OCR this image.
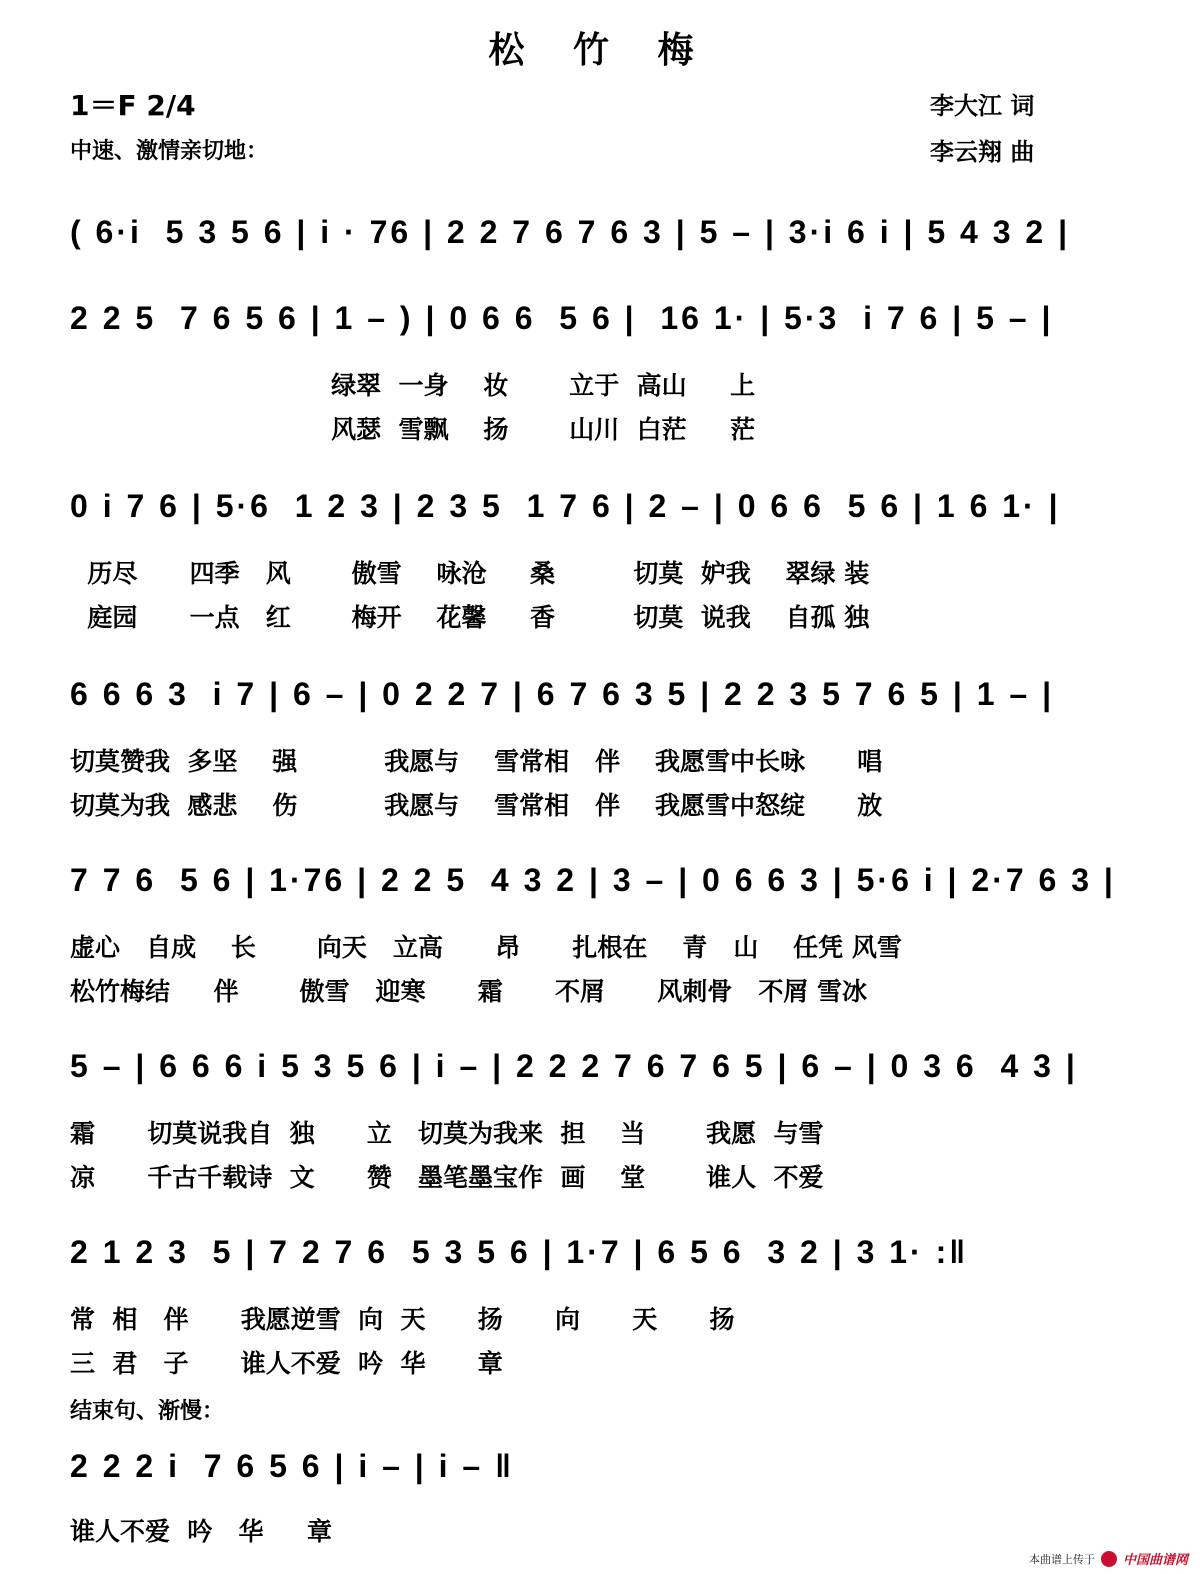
松 竹 梅
1＝F 2/4
中速、激情亲切地：
李大江 词
李云翔 曲
( 6·i  5 3 5 6 | i · 76 | 2 2 7 6 7 6 3 | 5 – | 3·i 6 i | 5 4 3 2 |
2 2 5  7 6 5 6 | 1 – ) | 0 6 6  5 6 |  16 1· | 5·3  i 7 6 | 5 – |
绿翠  一身    妆       立于  高山     上
风瑟  雪飘    扬       山川  白茫     茫
0 i 7 6 | 5·6  1 2 3 | 2 3 5  1 7 6 | 2 – | 0 6 6  5 6 | 1 6 1· |
历尽      四季   风       傲雪    咏沧     桑         切莫  妒我    翠绿 装
庭园      一点   红       梅开    花馨     香         切莫  说我    自孤 独
6 6 6 3  i 7 | 6 – | 0 2 2 7 | 6 7 6 3 5 | 2 2 3 5 7 6 5 | 1 – |
切莫赞我  多坚    强          我愿与    雪常相   伴    我愿雪中长咏      唱
切莫为我  感悲    伤          我愿与    雪常相   伴    我愿雪中怒绽      放
7 7 6  5 6 | 1·76 | 2 2 5  4 3 2 | 3 – | 0 6 6 3 | 5·6 i | 2·7 6 3 |
虚心   自成    长       向天   立高      昂      扎根在    青   山    任凭 风雪
松竹梅结     伴       傲雪   迎寒      霜      不屑      风刺骨   不屑 雪冰
5 – | 6 6 6 i 5 3 5 6 | i – | 2 2 2 7 6 7 6 5 | 6 – | 0 3 6  4 3 |
霜      切莫说我自  独      立   切莫为我来  担    当       我愿  与雪
凉      千古千载诗  文      赞   墨笔墨宝作  画    堂       谁人  不爱
2 1 2 3  5 | 7 2 7 6  5 3 5 6 | 1·7 | 6 5 6  3 2 | 3 1· :‖
常  相   伴      我愿逆雪  向  天      扬      向      天      扬
三  君   子      谁人不爱  吟  华      章
结束句、渐慢：
2 2 2 i  7 6 5 6 | i – | i – ‖
谁人不爱  吟   华     章
本曲谱上传于 中国曲谱网
